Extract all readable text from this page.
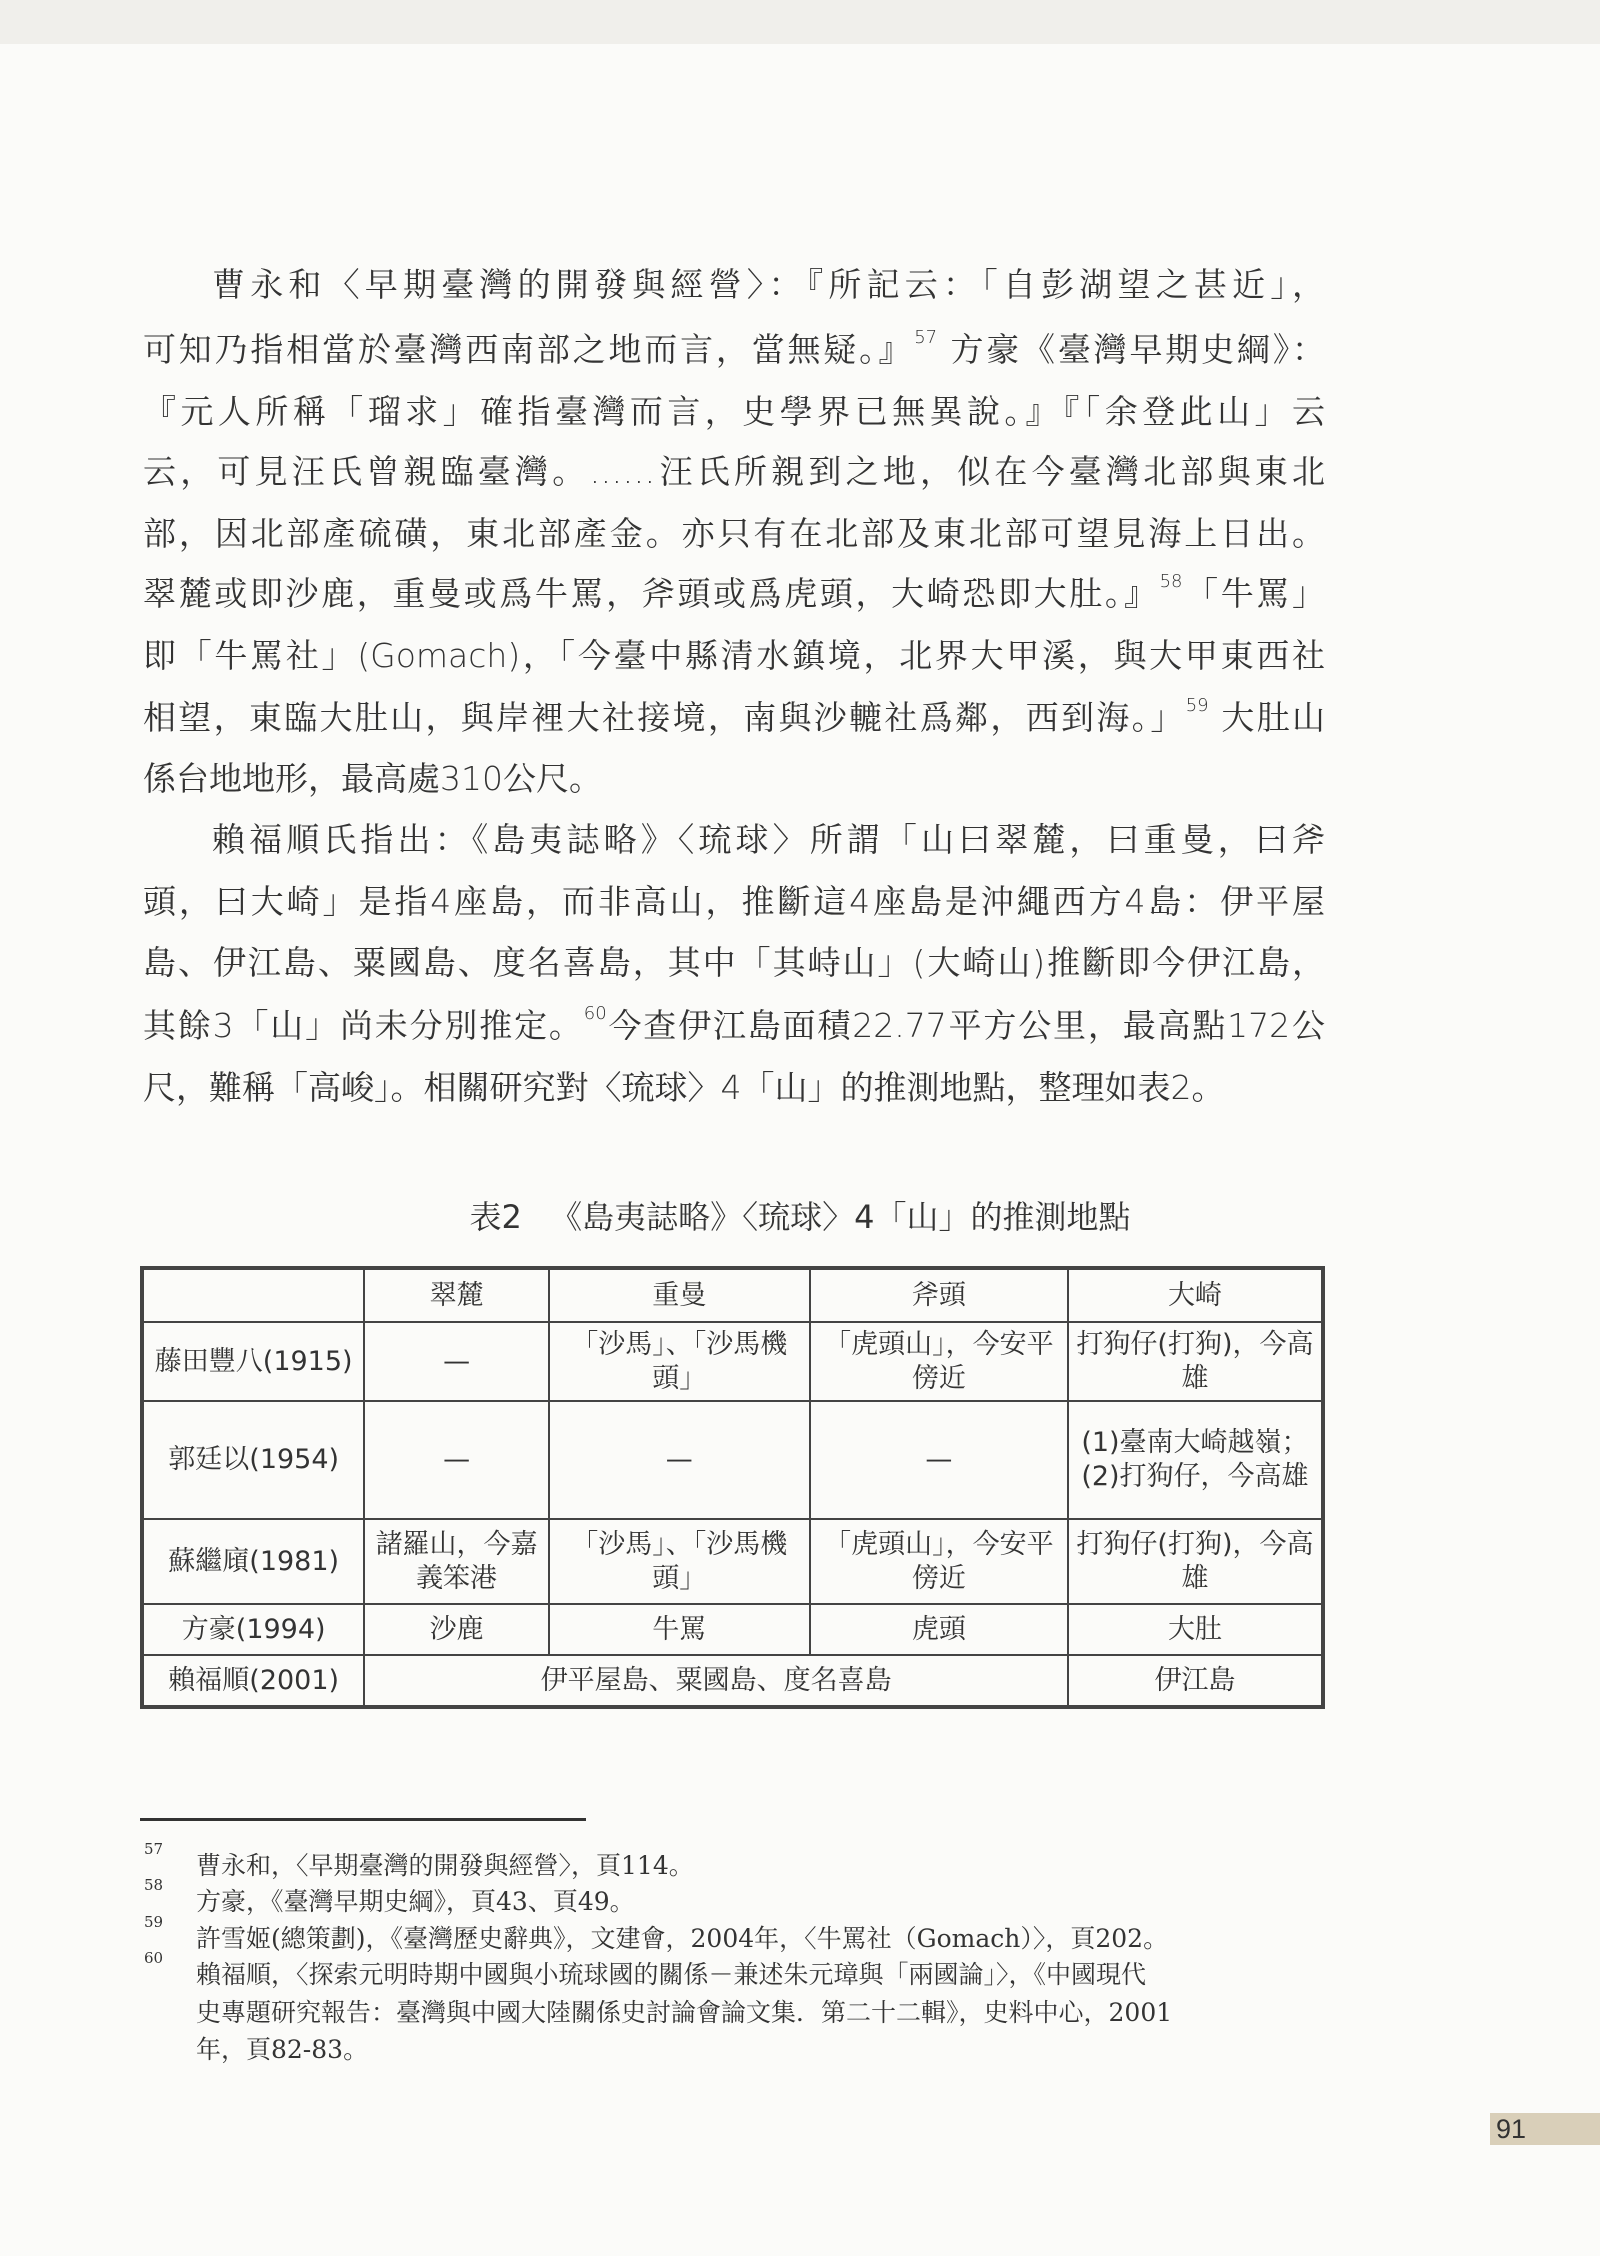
曹永和〈早期臺灣的開發與經營〉：『所記云：「自彭湖望之甚近」，
可知乃指相當於臺灣西南部之地而言，當無疑。』$^{57}$ 方豪《臺灣早期史綱》：
『元人所稱「瑠求」確指臺灣而言，史學界已無異說。』『「余登此山」云
云，可見汪氏曾親臨臺灣。……汪氏所親到之地，似在今臺灣北部與東北
部，因北部產硫磺，東北部產金。亦只有在北部及東北部可望見海上日出。
翠麓或即沙鹿，重曼或爲牛罵，斧頭或爲虎頭，大崎恐即大肚。』$^{58}$「牛罵」
即「牛罵社」(Gomach)，「今臺中縣清水鎮境，北界大甲溪，與大甲東西社
相望，東臨大肚山，與岸裡大社接境，南與沙轆社爲鄰，西到海。」$^{59}$ 大肚山
係台地地形，最高處310公尺。
賴福順氏指出：《島夷誌略》〈琉球〉所謂「山曰翠麓，曰重曼，曰斧
頭，曰大崎」是指4座島，而非高山，推斷這4座島是沖繩西方4島：伊平屋
島、伊江島、粟國島、度名喜島，其中「其峙山」(大崎山)推斷即今伊江島，
其餘3「山」尚未分別推定。$^{60}$今查伊江島面積22.77平方公里，最高點172公
尺，難稱「高峻」。相關研究對〈琉球〉4「山」的推測地點，整理如表2。
表2 《島夷誌略》〈琉球〉4「山」的推測地點
	翠麓	重曼	斧頭	大崎
藤田豐八(1915)	—	「沙馬」、「沙馬機頭」	「虎頭山」，今安平傍近	打狗仔(打狗)，今高雄
郭廷以(1954)	—	—	—	(1)臺南大崎越嶺；(2)打狗仔，今高雄
蘇繼廎(1981)	諸羅山，今嘉義笨港	「沙馬」、「沙馬機頭」	「虎頭山」，今安平傍近	打狗仔(打狗)，今高雄
方豪(1994)	沙鹿	牛罵	虎頭	大肚
賴福順(2001)	伊平屋島、粟國島、度名喜島			伊江島
57
曹永和，〈早期臺灣的開發與經營〉，頁114。
58
方豪，《臺灣早期史綱》，頁43、頁49。
59
許雪姬(總策劃)，《臺灣歷史辭典》，文建會，2004年，〈牛罵社（Gomach）〉，頁202。
60
賴福順，〈探索元明時期中國與小琉球國的關係－兼述朱元璋與「兩國論」〉，《中國現代
史專題研究報告：臺灣與中國大陸關係史討論會論文集．第二十二輯》，史料中心，2001
年，頁82-83。
91
